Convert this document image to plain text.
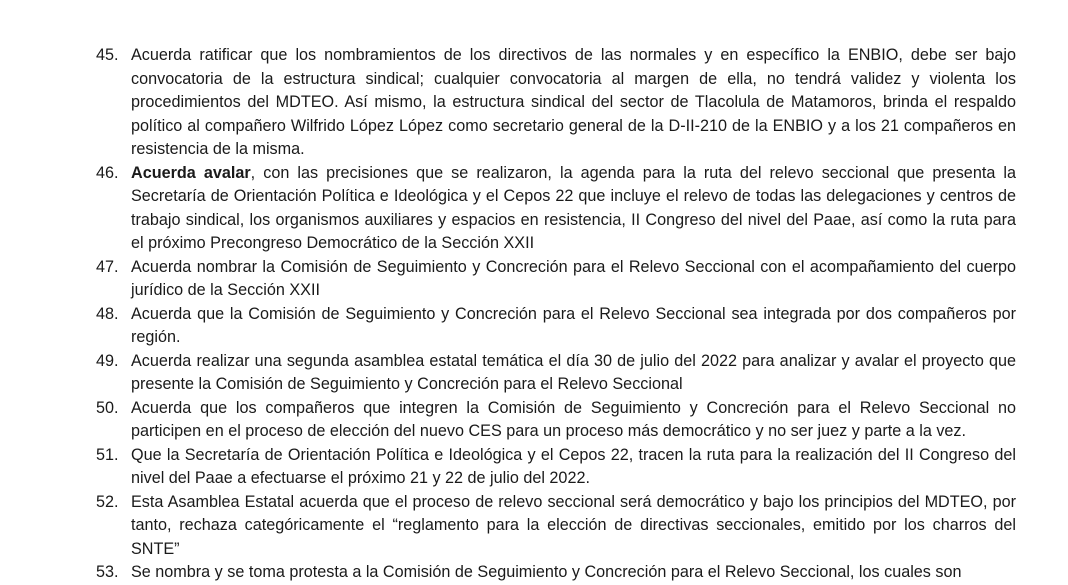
45. Acuerda ratificar que los nombramientos de los directivos de las normales y en específico la ENBIO, debe ser bajo convocatoria de la estructura sindical; cualquier convocatoria al margen de ella, no tendrá validez y violenta los procedimientos del MDTEO. Así mismo, la estructura sindical del sector de Tlacolula de Matamoros, brinda el respaldo político al compañero Wilfrido López López como secretario general de la D-II-210 de la ENBIO y a los 21 compañeros en resistencia de la misma.
46. Acuerda avalar, con las precisiones que se realizaron, la agenda para la ruta del relevo seccional que presenta la Secretaría de Orientación Política e Ideológica y el Cepos 22 que incluye el relevo de todas las delegaciones y centros de trabajo sindical, los organismos auxiliares y espacios en resistencia, II Congreso del nivel del Paae, así como la ruta para el próximo Precongreso Democrático de la Sección XXII
47. Acuerda nombrar la Comisión de Seguimiento y Concreción para el Relevo Seccional con el acompañamiento del cuerpo jurídico de la Sección XXII
48. Acuerda que la Comisión de Seguimiento y Concreción para el Relevo Seccional sea integrada por dos compañeros por región.
49. Acuerda realizar una segunda asamblea estatal temática el día 30 de julio del 2022 para analizar y avalar el proyecto que presente la Comisión de Seguimiento y Concreción para el Relevo Seccional
50. Acuerda que los compañeros que integren la Comisión de Seguimiento y Concreción para el Relevo Seccional no participen en el proceso de elección del nuevo CES para un proceso más democrático y no ser juez y parte a la vez.
51. Que la Secretaría de Orientación Política e Ideológica y el Cepos 22, tracen la ruta para la realización del II Congreso del nivel del Paae a efectuarse el próximo 21 y 22 de julio del 2022.
52. Esta Asamblea Estatal acuerda que el proceso de relevo seccional será democrático y bajo los principios del MDTEO, por tanto, rechaza categóricamente el “reglamento para la elección de directivas seccionales, emitido por los charros del SNTE”
53. Se nombra y se toma protesta a la Comisión de Seguimiento y Concreción para el Relevo Seccional, los cuales son
